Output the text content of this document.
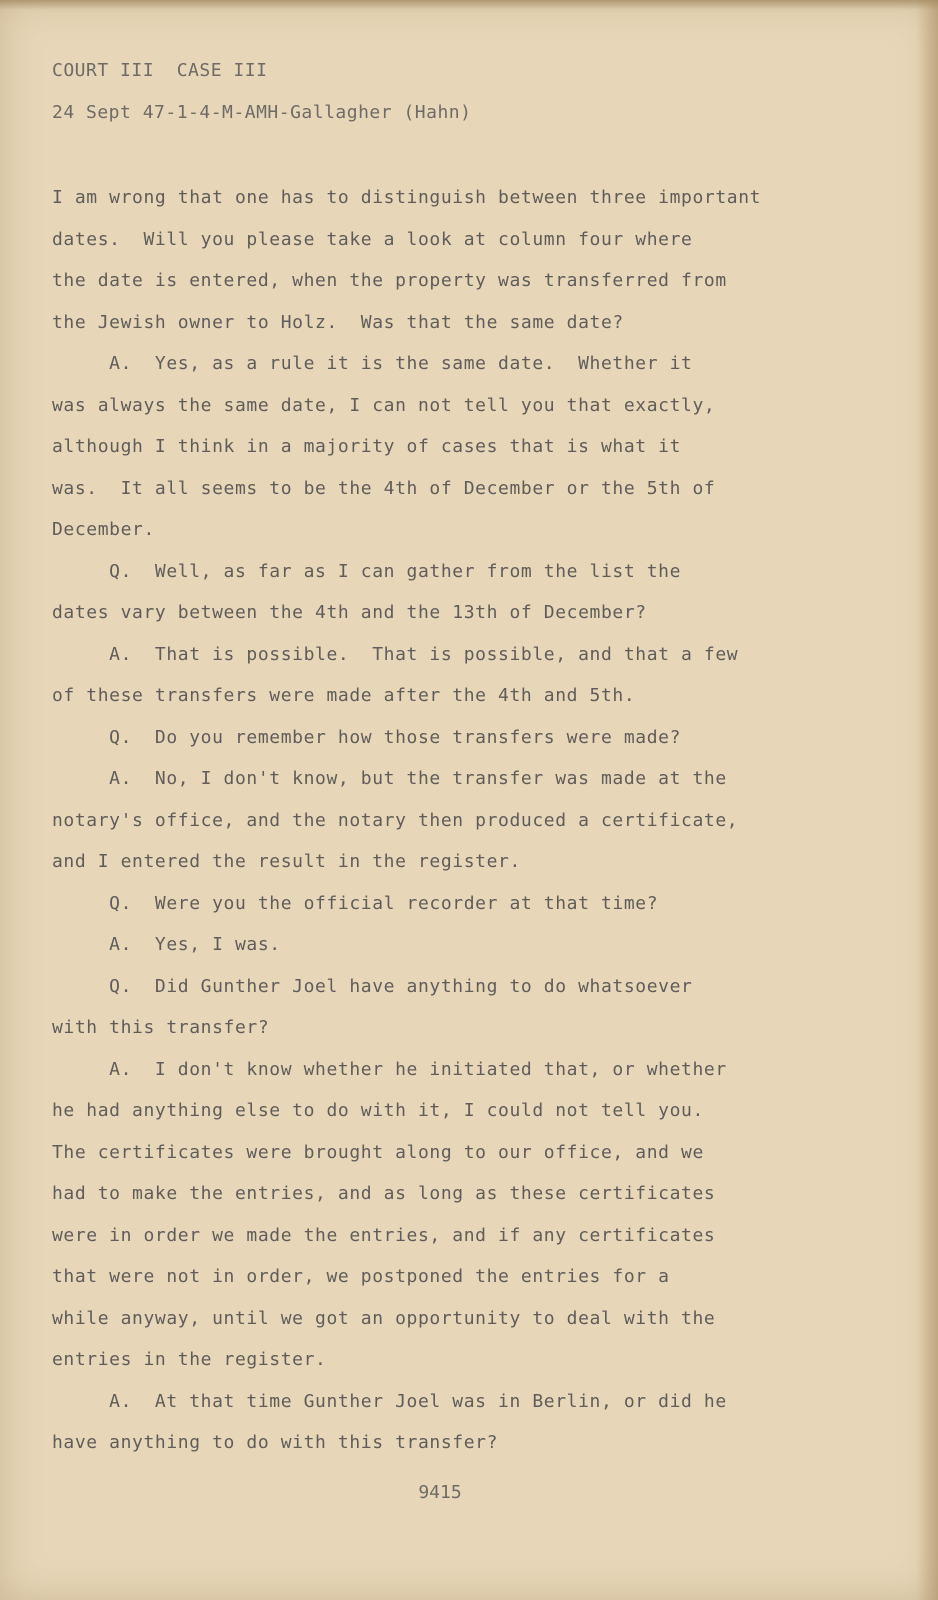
COURT III  CASE III
24 Sept 47-1-4-M-AMH-Gallagher (Hahn)
I am wrong that one has to distinguish between three important
dates.  Will you please take a look at column four where
the date is entered, when the property was transferred from
the Jewish owner to Holz.  Was that the same date?
A.  Yes, as a rule it is the same date.  Whether it
was always the same date, I can not tell you that exactly,
although I think in a majority of cases that is what it
was.  It all seems to be the 4th of December or the 5th of
December.
Q.  Well, as far as I can gather from the list the
dates vary between the 4th and the 13th of December?
A.  That is possible.  That is possible, and that a few
of these transfers were made after the 4th and 5th.
Q.  Do you remember how those transfers were made?
A.  No, I don't know, but the transfer was made at the
notary's office, and the notary then produced a certificate,
and I entered the result in the register.
Q.  Were you the official recorder at that time?
A.  Yes, I was.
Q.  Did Gunther Joel have anything to do whatsoever
with this transfer?
A.  I don't know whether he initiated that, or whether
he had anything else to do with it, I could not tell you.
The certificates were brought along to our office, and we
had to make the entries, and as long as these certificates
were in order we made the entries, and if any certificates
that were not in order, we postponed the entries for a
while anyway, until we got an opportunity to deal with the
entries in the register.
A.  At that time Gunther Joel was in Berlin, or did he
have anything to do with this transfer?
9415
